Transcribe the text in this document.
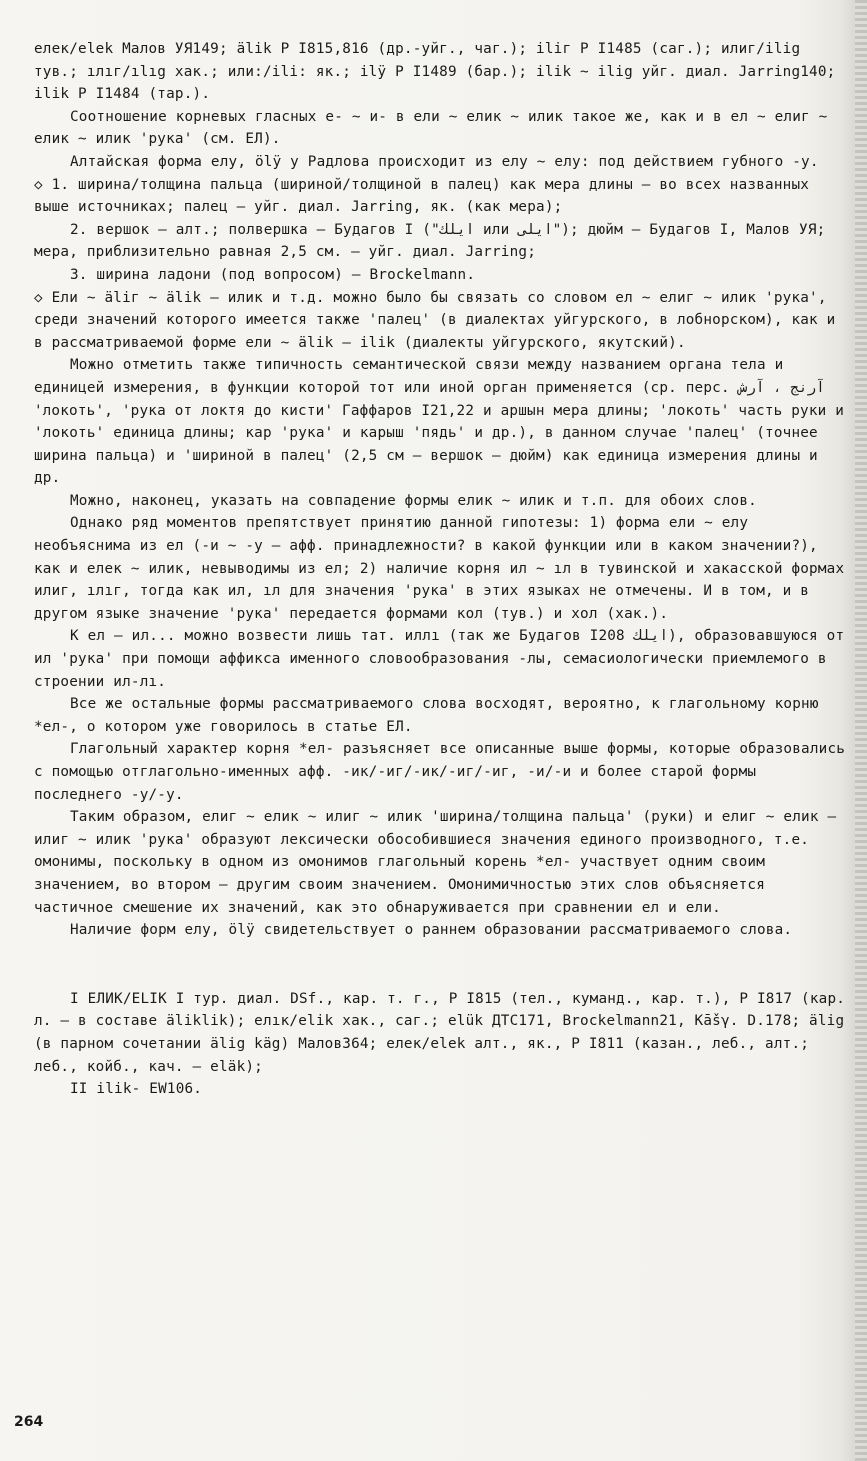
елек/elek Малов УЯ149; älik P I815,816 (др.-уйг., чаг.); iliг P I1485 (саг.); илиг/ilig тув.; ıлıг/ılıg хак.; или:/ili: як.; ilÿ P I1489 (бар.); ilik ~ ilig уйг. диал. Jarring140; ilik P I1484 (тар.).

Соотношение корневых гласных е- ~ и- в ели ~ елик ~ илик такое же, как и в ел ~ елиг ~ елик ~ илик 'рука' (см. ЕЛ).

Алтайская форма елу, ölÿ у Радлова происходит из елу ~ елу: под действием губного -у.

◇ 1. ширина/толщина пальца (шириной/толщиной в палец) как мера длины – во всех названных выше источниках; палец – уйг. диал. Jarring, як. (как мера);

2. вершок – алт.; полвершка – Будагов I ("ايلك или ايلى"); дюйм – Будагов I, Малов УЯ; мера, приблизительно равная 2,5 см. – уйг. диал. Jarring;

3. ширина ладони (под вопросом) – Brockelmann.

◇ Ели ~ äliг ~ älik – илик и т.д. можно было бы связать со словом ел ~ елиг ~ илик 'рука', среди значений которого имеется также 'палец' (в диалектах уйгурского, в лобнорском), как и в рассматриваемой форме ели ~ älik – ilik (диалекты уйгурского, якутский).

Можно отметить также типичность семантической связи между названием органа тела и единицей измерения, в функции которой тот или иной орган применяется (ср. перс. آرنج ، آرش 'локоть', 'рука от локтя до кисти' Гаффаров I21,22 и аршын мера длины; 'локоть' часть руки и 'локоть' единица длины; кар 'рука' и карыш 'пядь' и др.), в данном случае 'палец' (точнее ширина пальца) и 'шириной в палец' (2,5 см – вершок – дюйм) как единица измерения длины и др.

Можно, наконец, указать на совпадение формы елик ~ илик и т.п. для обоих слов.

Однако ряд моментов препятствует принятию данной гипотезы: 1) форма ели ~ елу необъяснима из ел (-и ~ -у – афф. принадлежности? в какой функции или в каком значении?), как и елек ~ илик, невыводимы из ел; 2) наличие корня ил ~ ıл в тувинской и хакасской формах илиг, ıлıг, тогда как ил, ıл для значения 'рука' в этих языках не отмечены. И в том, и в другом языке значение 'рука' передается формами кол (тув.) и хол (хак.).

К ел – ил... можно возвести лишь тат. иллı (так же Будагов I208 ايلك), образовавшуюся от ил 'рука' при помощи аффикса именного словообразования -лы, семасиологически приемлемого в строении ил-лı.

Все же остальные формы рассматриваемого слова восходят, вероятно, к глагольному корню *ел-, о котором уже говорилось в статье ЕЛ.

Глагольный характер корня *ел- разъясняет все описанные выше формы, которые образовались с помощью отглагольно-именных афф. -ик/-иг/-ик/-иг/-иг, -и/-и и более старой формы последнего -у/-у.

Таким образом, елиг ~ елик ~ илиг ~ илик 'ширина/толщина пальца' (руки) и елиг ~ елик – илиг ~ илик 'рука' образуют лексически обособившиеся значения единого производного, т.е. омонимы, поскольку в одном из омонимов глагольный корень *ел- участвует одним своим значением, во втором – другим своим значением. Омонимичностью этих слов объясняется частичное смешение их значений, как это обнаруживается при сравнении ел и ели.

Наличие форм елу, ölÿ свидетельствует о раннем образовании рассматриваемого слова.

I ЕЛИК/ELIK I тур. диал. DSf., кар. т. г., P I815 (тел., куманд., кар. т.), P I817 (кар. л. – в составе äliklik); елıк/elik хак., саг.; elük ДТС171, Brockelmann21, Kāšγ. D.178; älig (в парном сочетании älig käg) Малов364; елек/elek алт., як., P I811 (казан., леб., алт.; леб., койб., кач. – eläk);

II ilik- EW106.

264
